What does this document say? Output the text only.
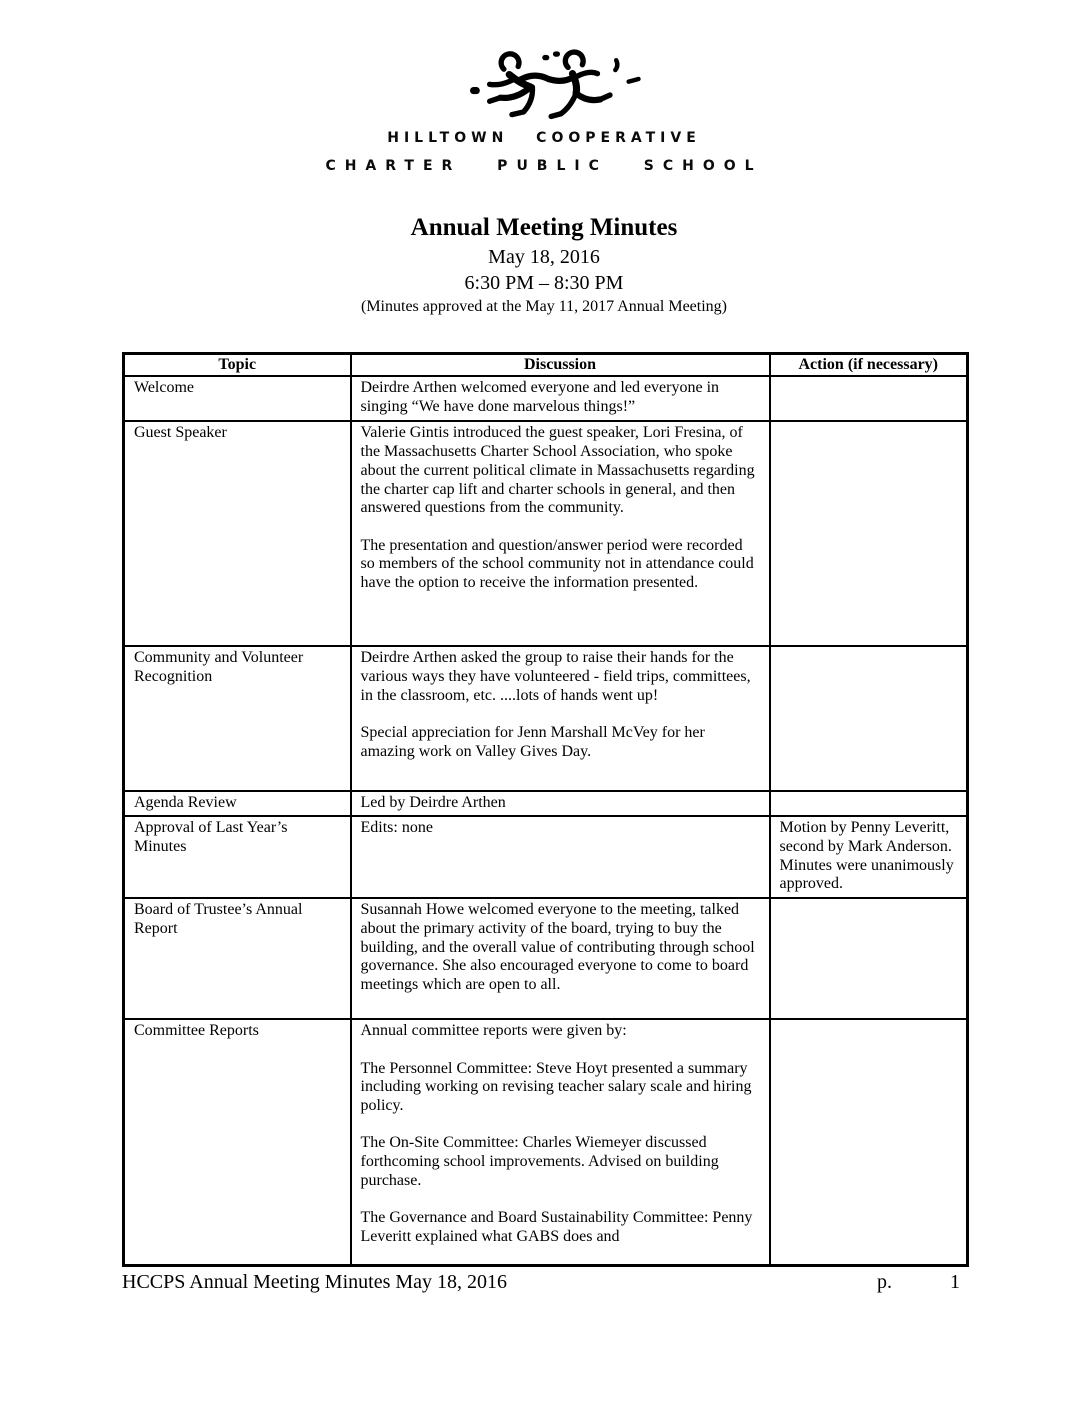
HILLTOWN COOPERATIVE
CHARTER PUBLIC SCHOOL
Annual Meeting Minutes
May 18, 2016
6:30 PM – 8:30 PM
(Minutes approved at the May 11, 2017 Annual Meeting)
Topic	Discussion	Action (if necessary)

Welcome	Deirdre Arthen welcomed everyone and led everyone in singing “We have done marvelous things!”	

Guest Speaker	Valerie Gintis introduced the guest speaker, Lori Fresina, of the Massachusetts Charter School Association, who spoke about the current political climate in Massachusetts regarding the charter cap lift and charter schools in general, and then answered questions from the community.

The presentation and question/answer period were recorded so members of the school community not in attendance could have the option to receive the information presented.	

Community and Volunteer Recognition	Deirdre Arthen asked the group to raise their hands for the various ways they have volunteered - field trips, committees, in the classroom, etc. ....lots of hands went up!

Special appreciation for Jenn Marshall McVey for her amazing work on Valley Gives Day.	

Agenda Review	Led by Deirdre Arthen	

Approval of Last Year’s Minutes	Edits: none	Motion by Penny Leveritt, second by Mark Anderson. Minutes were unanimously approved.

Board of Trustee’s Annual Report	Susannah Howe welcomed everyone to the meeting, talked about the primary activity of the board, trying to buy the building, and the overall value of contributing through school governance. She also encouraged everyone to come to board meetings which are open to all.	

Committee Reports	Annual committee reports were given by:

The Personnel Committee: Steve Hoyt presented a summary including working on revising teacher salary scale and hiring policy.

The On-Site Committee: Charles Wiemeyer discussed forthcoming school improvements. Advised on building purchase.

The Governance and Board Sustainability Committee: Penny Leveritt explained what GABS does and	

HCCPS Annual Meeting Minutes May 18, 2016	p.	1
